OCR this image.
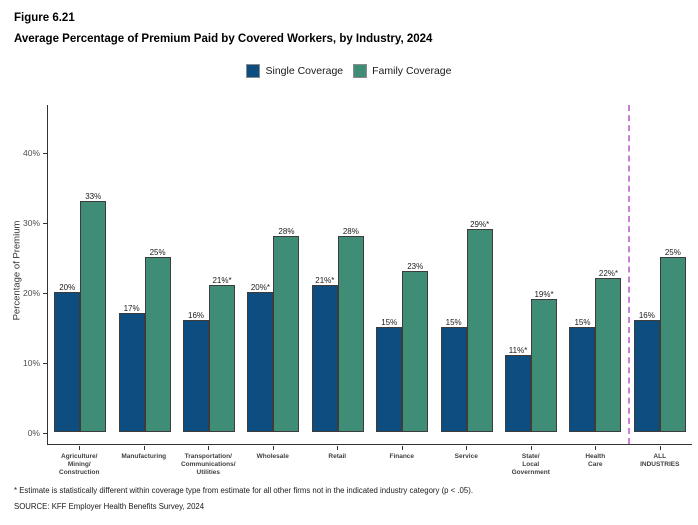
Figure 6.21
Average Percentage of Premium Paid by Covered Workers, by Industry, 2024
Single Coverage	Family Coverage
Percentage of Premium
0%
10%
20%
30%
40%
20%
33%
17%
25%
16%
21%*
20%*
28%
21%*
28%
15%
23%
15%
29%*
11%*
19%*
15%
22%*
16%
25%
Agriculture/
Mining/
Construction
Manufacturing	Transportation/
Communications/
Utilities
Wholesale	Retail	Finance	Service	State/
Local
Government
Health
Care
ALL
INDUSTRIES
* Estimate is statistically different within coverage type from estimate for all other firms not in the indicated industry category (p < .05).
SOURCE: KFF Employer Health Benefits Survey, 2024
